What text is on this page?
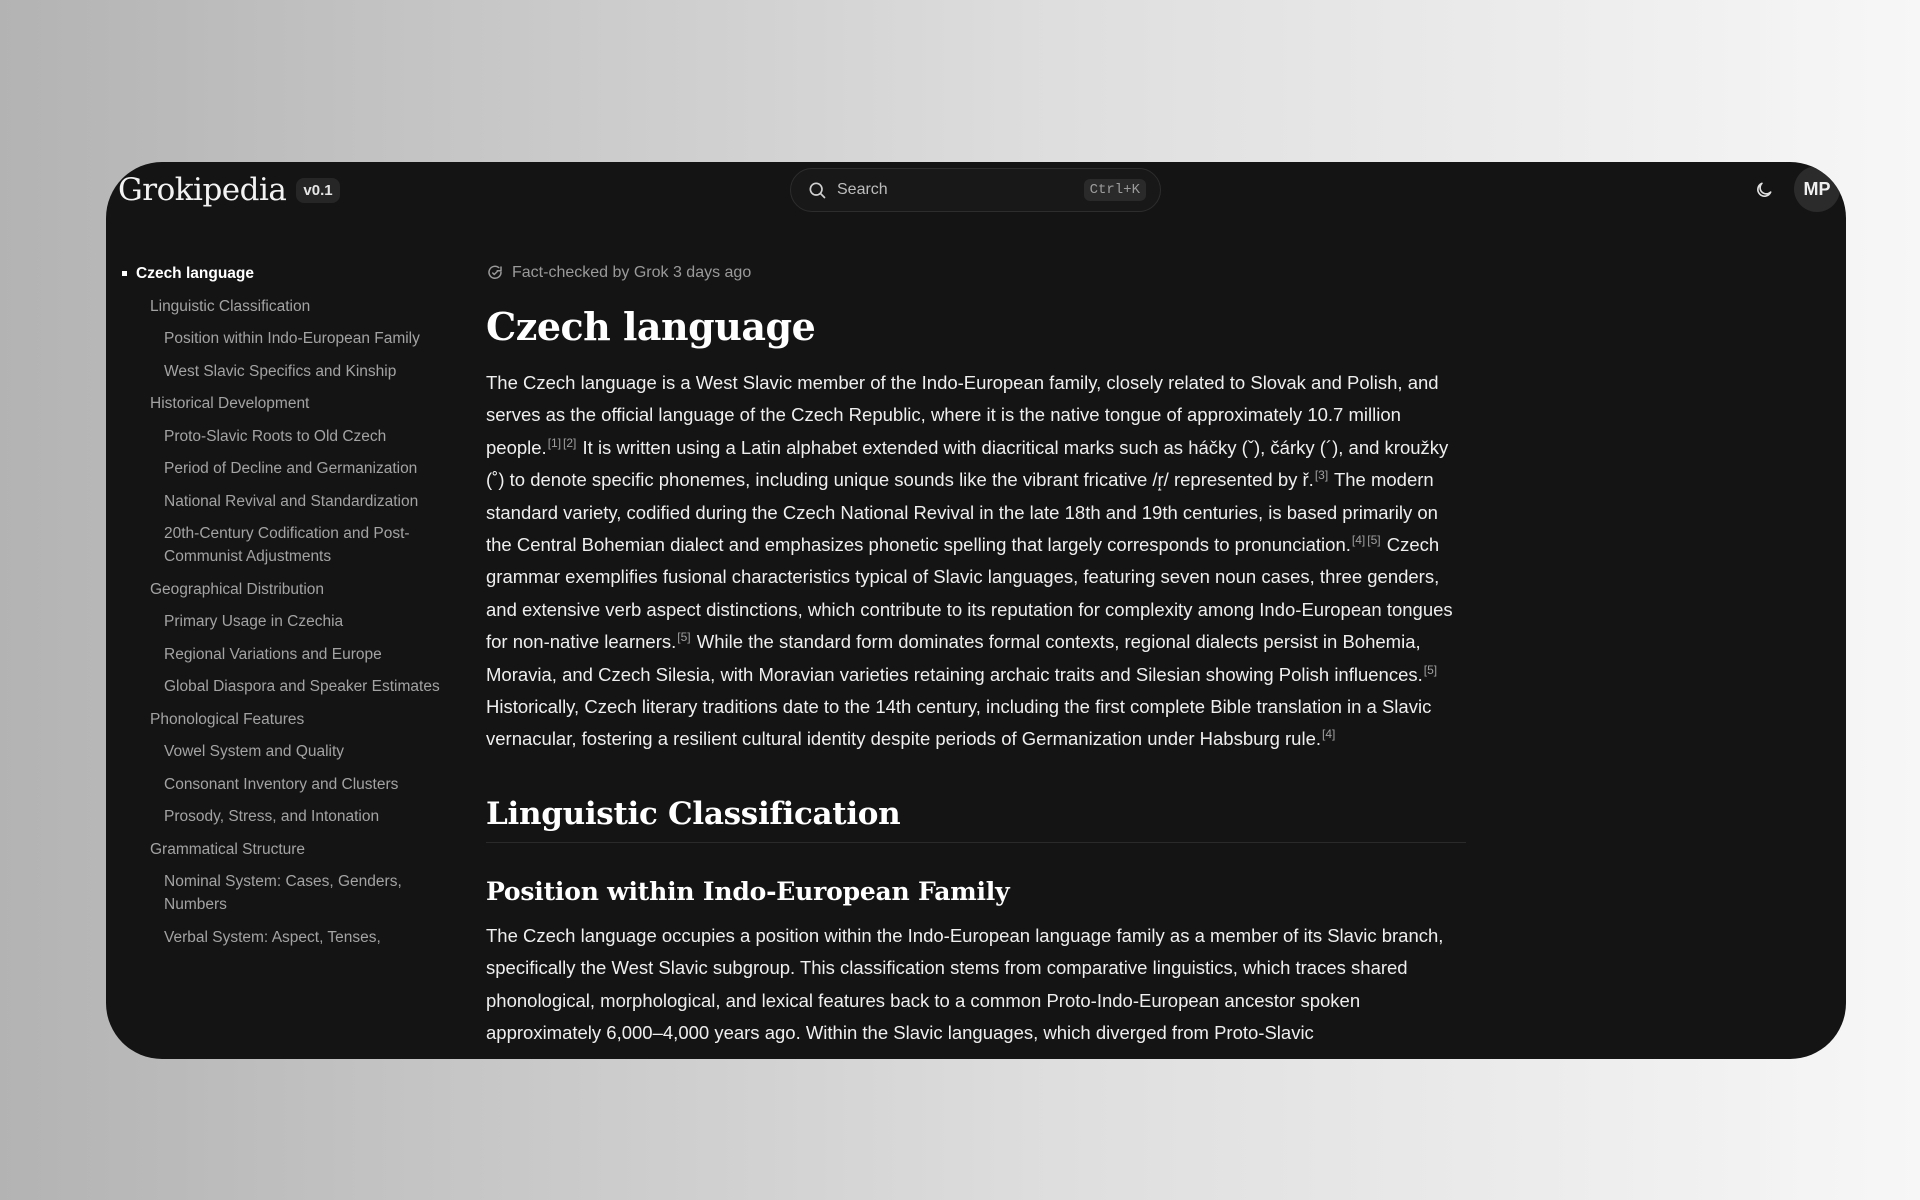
Grokipedia	v0.1
Search	Ctrl+K	MP
Czech language
Linguistic Classification
Position within Indo-European Family
West Slavic Specifics and Kinship
Historical Development
Proto-Slavic Roots to Old Czech
Period of Decline and Germanization
National Revival and Standardization
20th-Century Codification and Post-Communist Adjustments
Geographical Distribution
Primary Usage in Czechia
Regional Variations and Europe
Global Diaspora and Speaker Estimates
Phonological Features
Vowel System and Quality
Consonant Inventory and Clusters
Prosody, Stress, and Intonation
Grammatical Structure
Nominal System: Cases, Genders, Numbers
Verbal System: Aspect, Tenses,
Fact-checked by Grok 3 days ago
Czech language

The Czech language is a West Slavic member of the Indo-European family, closely related to Slovak and Polish, and serves as the official language of the Czech Republic, where it is the native tongue of approximately 10.7 million people.[1] [2] It is written using a Latin alphabet extended with diacritical marks such as háčky (ˇ), čárky (´), and kroužky (˚) to denote specific phonemes, including unique sounds like the vibrant fricative /r̝/ represented by ř.[3] The modern standard variety, codified during the Czech National Revival in the late 18th and 19th centuries, is based primarily on the Central Bohemian dialect and emphasizes phonetic spelling that largely corresponds to pronunciation.[4] [5] Czech grammar exemplifies fusional characteristics typical of Slavic languages, featuring seven noun cases, three genders, and extensive verb aspect distinctions, which contribute to its reputation for complexity among Indo-European tongues for non-native learners.[5] While the standard form dominates formal contexts, regional dialects persist in Bohemia, Moravia, and Czech Silesia, with Moravian varieties retaining archaic traits and Silesian showing Polish influences.[5] Historically, Czech literary traditions date to the 14th century, including the first complete Bible translation in a Slavic vernacular, fostering a resilient cultural identity despite periods of Germanization under Habsburg rule.[4]

Linguistic Classification
Position within Indo-European Family

The Czech language occupies a position within the Indo-European language family as a member of its Slavic branch, specifically the West Slavic subgroup. This classification stems from comparative linguistics, which traces shared phonological, morphological, and lexical features back to a common Proto-Indo-European ancestor spoken approximately 6,000–4,000 years ago. Within the Slavic languages, which diverged from Proto-Slavic
